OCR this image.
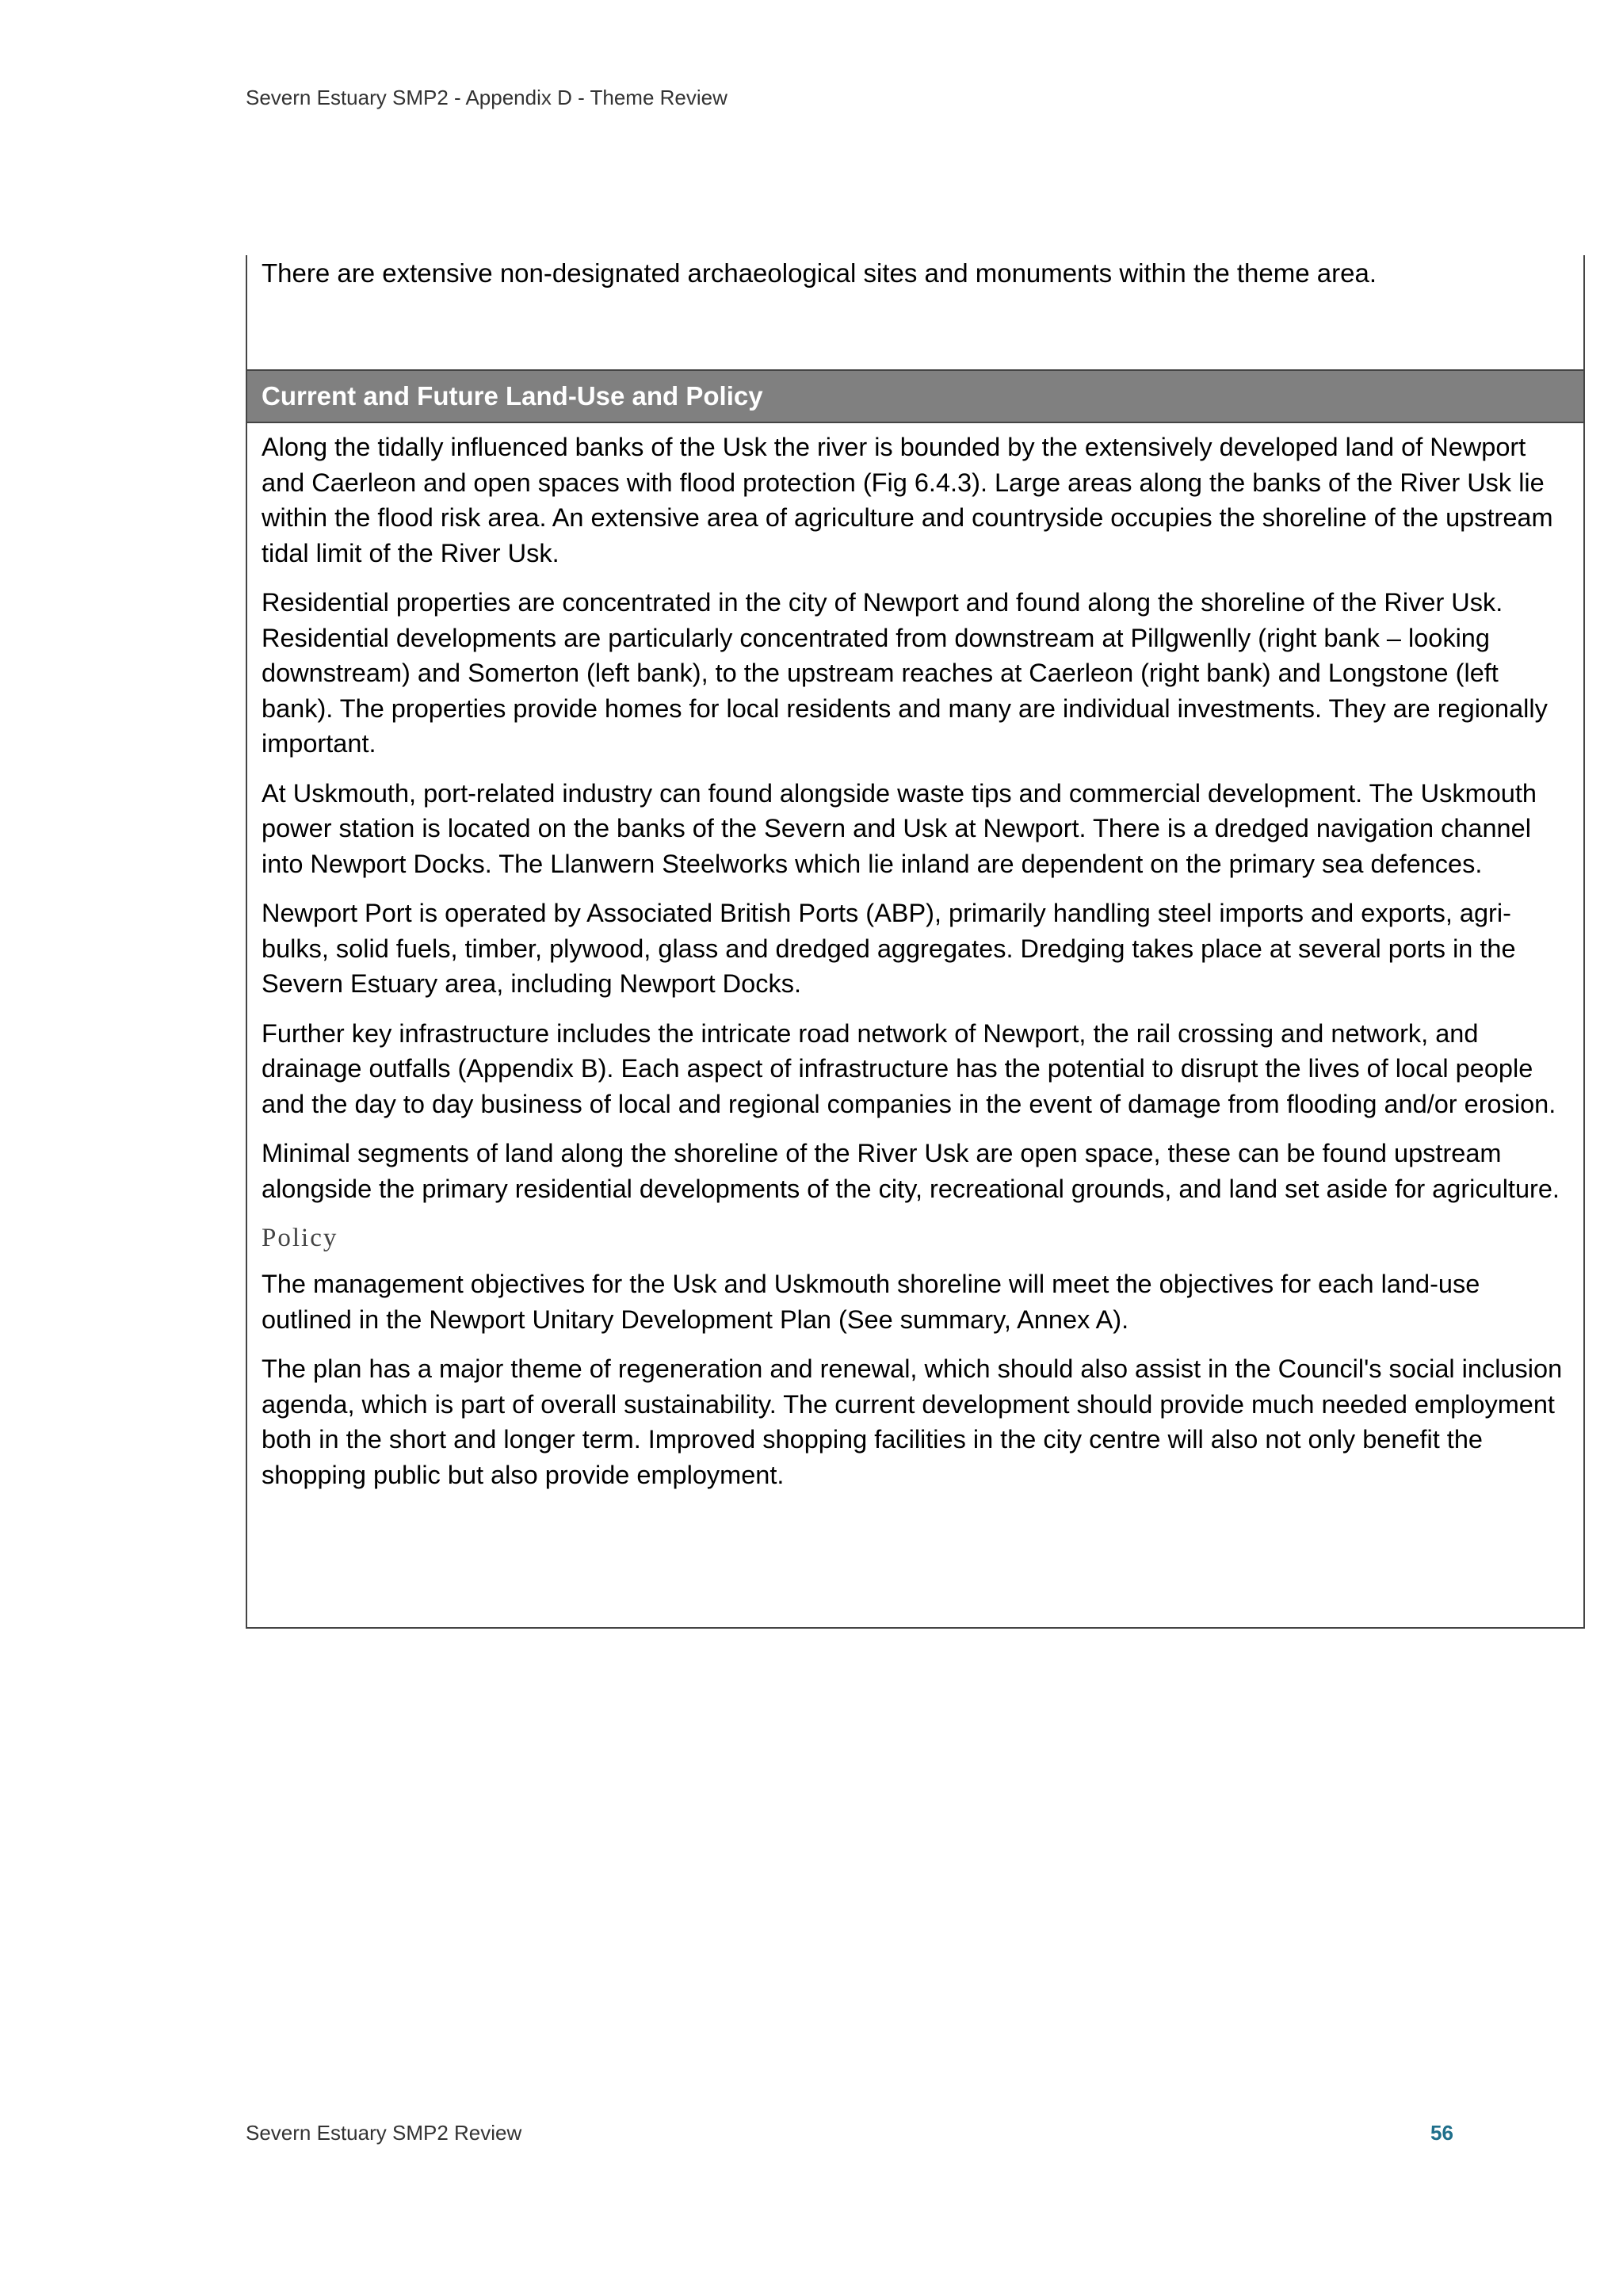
Severn Estuary SMP2 - Appendix D - Theme Review

There are extensive non-designated archaeological sites and monuments within the theme area.

Current and Future Land-Use and Policy

Along the tidally influenced banks of the Usk the river is bounded by the extensively developed land of Newport and Caerleon and open spaces with flood protection (Fig 6.4.3). Large areas along the banks of the River Usk lie within the flood risk area. An extensive area of agriculture and countryside occupies the shoreline of the upstream tidal limit of the River Usk.

Residential properties are concentrated in the city of Newport and found along the shoreline of the River Usk. Residential developments are particularly concentrated from downstream at Pillgwenlly (right bank – looking downstream) and Somerton (left bank), to the upstream reaches at Caerleon (right bank) and Longstone (left bank). The properties provide homes for local residents and many are individual investments. They are regionally important.

At Uskmouth, port-related industry can found alongside waste tips and commercial development. The Uskmouth power station is located on the banks of the Severn and Usk at Newport. There is a dredged navigation channel into Newport Docks. The Llanwern Steelworks which lie inland are dependent on the primary sea defences.

Newport Port is operated by Associated British Ports (ABP), primarily handling steel imports and exports, agri-bulks, solid fuels, timber, plywood, glass and dredged aggregates. Dredging takes place at several ports in the Severn Estuary area, including Newport Docks.

Further key infrastructure includes the intricate road network of Newport, the rail crossing and network, and drainage outfalls (Appendix B). Each aspect of infrastructure has the potential to disrupt the lives of local people and the day to day business of local and regional companies in the event of damage from flooding and/or erosion.

Minimal segments of land along the shoreline of the River Usk are open space, these can be found upstream alongside the primary residential developments of the city, recreational grounds, and land set aside for agriculture.

Policy

The management objectives for the Usk and Uskmouth shoreline will meet the objectives for each land-use outlined in the Newport Unitary Development Plan (See summary, Annex A).

The plan has a major theme of regeneration and renewal, which should also assist in the Council's social inclusion agenda, which is part of overall sustainability. The current development should provide much needed employment both in the short and longer term. Improved shopping facilities in the city centre will also not only benefit the shopping public but also provide employment.

Severn Estuary SMP2 Review	56
